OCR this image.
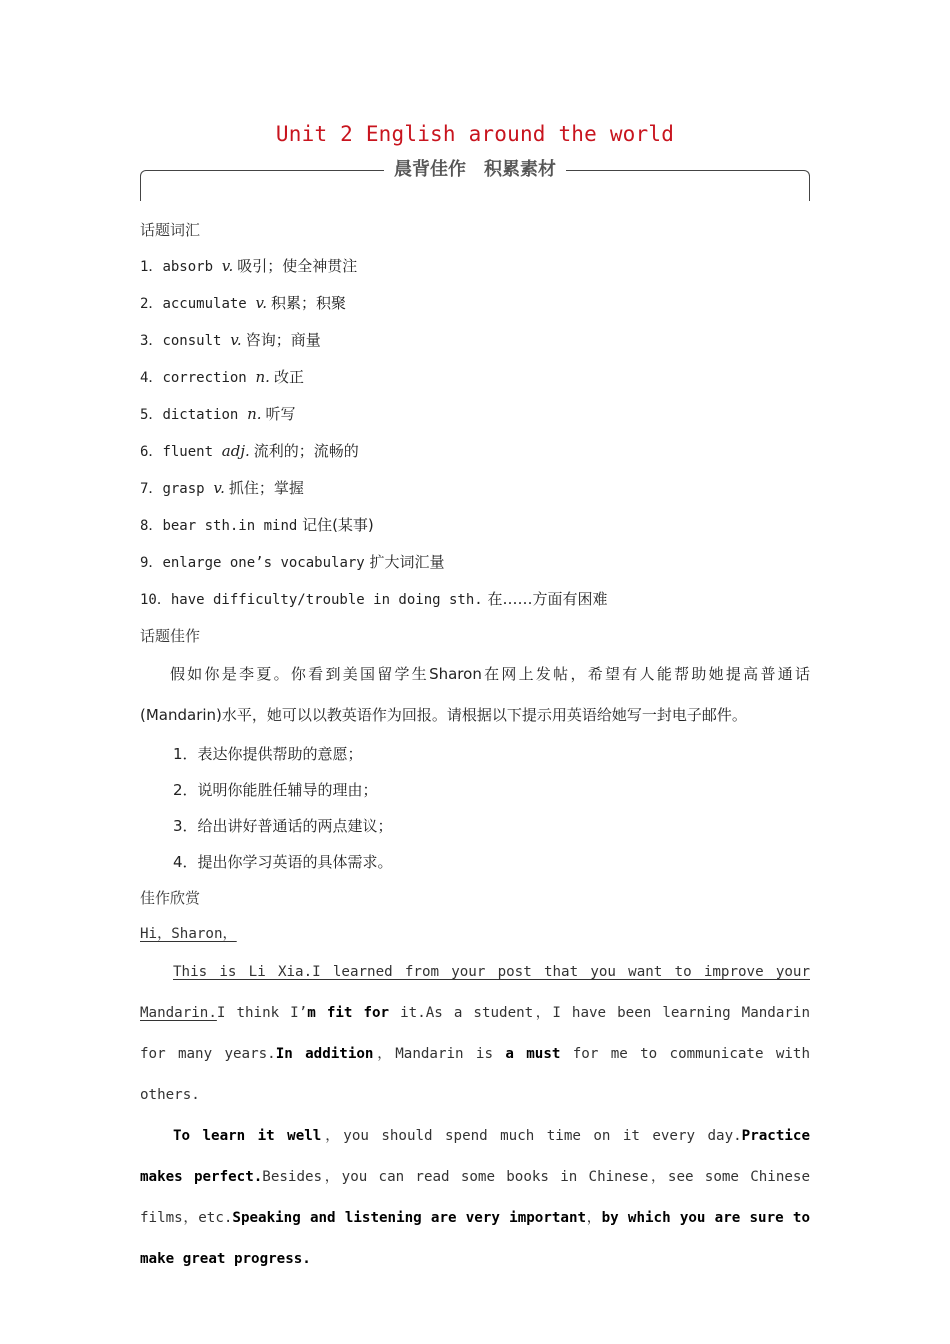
Unit 2 English around the world
晨背佳作　积累素材
话题词汇
1．absorb v. 吸引；使全神贯注
2．accumulate v. 积累；积聚
3．consult v. 咨询；商量
4．correction n. 改正
5．dictation n. 听写
6．fluent adj. 流利的；流畅的
7．grasp v. 抓住；掌握
8．bear sth.in mind 记住(某事)
9．enlarge one’s vocabulary 扩大词汇量
10．have difficulty/trouble in doing sth. 在……方面有困难
话题佳作

假如你是李夏。你看到美国留学生Sharon在网上发帖，希望有人能帮助她提高普通话(Mandarin)水平，她可以以教英语作为回报。请根据以下提示用英语给她写一封电子邮件。

1．表达你提供帮助的意愿；
2．说明你能胜任辅导的理由；
3．给出讲好普通话的两点建议；
4．提出你学习英语的具体需求。
佳作欣赏
Hi，Sharon，

This is Li Xia.I learned from your post that you want to improve your Mandarin.I think I’m fit for it.As a student，I have been learning Mandarin for many years.In addition，Mandarin is a must for me to communicate with others.

To learn it well，you should spend much time on it every day.Practice makes perfect.Besides，you can read some books in Chinese，see some Chinese films，etc.Speaking and listening are very important，by which you are sure to make great progress.
